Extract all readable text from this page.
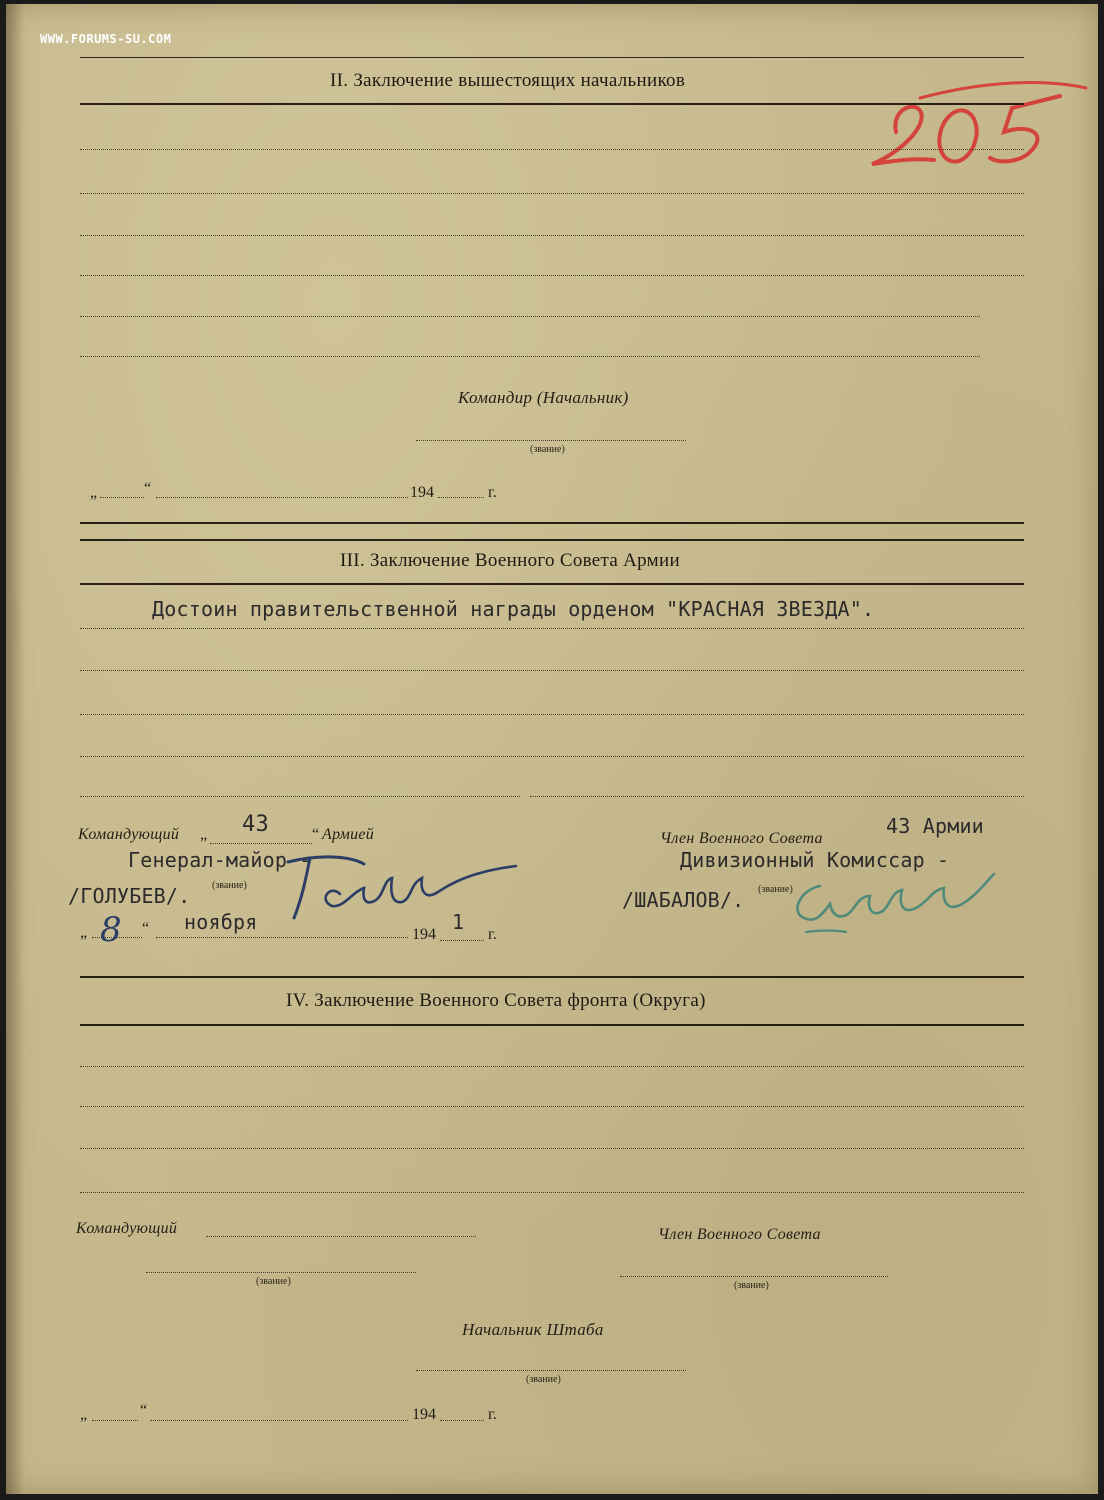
WWW.FORUMS-SU.COM
II. Заключение вышестоящих начальников
Командир (Начальник)
(звание)
„	“	194	г.
III. Заключение Военного Совета Армии
Достоин правительственной награды орденом "КРАСНАЯ ЗВЕЗДА".
Командующий „ 43	“ Армией
Генерал-майор -
/ГОЛУБЕВ/. (звание)
Член Военного Совета
43 Армии
Дивизионный Комиссар -
/ШАБАЛОВ/. (звание)
„ 8 “ ноября
194
1
г.
IV. Заключение Военного Совета фронта (Округа)
Командующий	Член Военного Совета
(звание)	(звание)
Начальник Штаба
(звание)
„	“	194	г.
